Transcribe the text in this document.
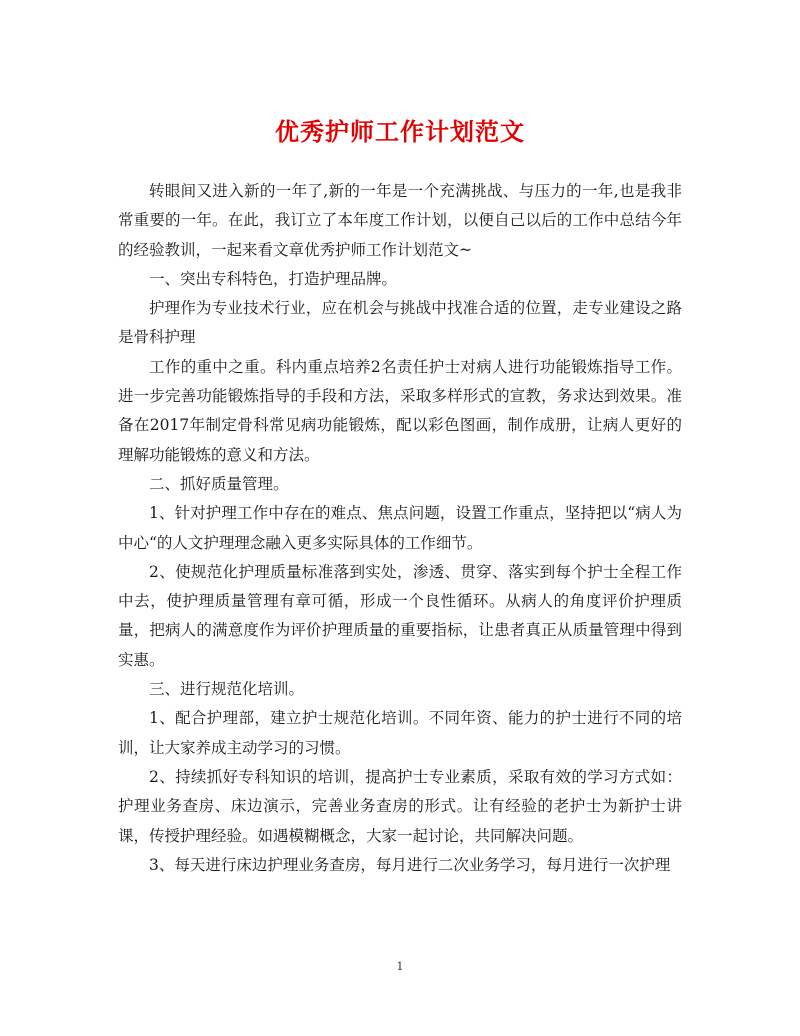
优秀护师工作计划范文

转眼间又进入新的一年了,新的一年是一个充满挑战、与压力的一年,也是我非常重要的一年。在此，我订立了本年度工作计划，以便自己以后的工作中总结今年的经验教训，一起来看文章优秀护师工作计划范文~

一、突出专科特色，打造护理品牌。

护理作为专业技术行业，应在机会与挑战中找准合适的位置，走专业建设之路是骨科护理

工作的重中之重。科内重点培养2名责任护士对病人进行功能锻炼指导工作。进一步完善功能锻炼指导的手段和方法，采取多样形式的宣教，务求达到效果。准备在2017年制定骨科常见病功能锻炼，配以彩色图画，制作成册，让病人更好的理解功能锻炼的意义和方法。

二、抓好质量管理。

1、针对护理工作中存在的难点、焦点问题，设置工作重点，坚持把以“病人为中心“的人文护理理念融入更多实际具体的工作细节。

2、使规范化护理质量标准落到实处，渗透、贯穿、落实到每个护士全程工作中去，使护理质量管理有章可循，形成一个良性循环。从病人的角度评价护理质量，把病人的满意度作为评价护理质量的重要指标，让患者真正从质量管理中得到实惠。

三、进行规范化培训。

1、配合护理部，建立护士规范化培训。不同年资、能力的护士进行不同的培训，让大家养成主动学习的习惯。

2、持续抓好专科知识的培训，提高护士专业素质，采取有效的学习方式如：护理业务查房、床边演示，完善业务查房的形式。让有经验的老护士为新护士讲课，传授护理经验。如遇模糊概念，大家一起讨论，共同解决问题。

3、每天进行床边护理业务查房，每月进行二次业务学习，每月进行一次护理

1
